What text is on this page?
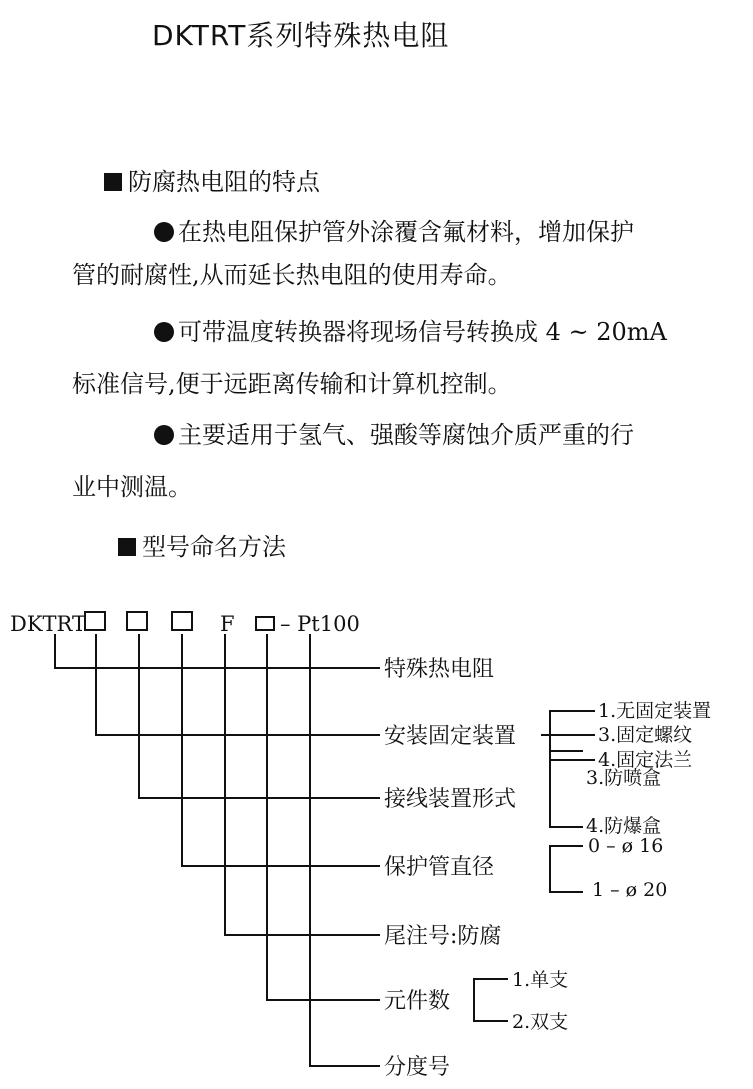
DKTRT系列特殊热电阻
防腐热电阻的特点
在热电阻保护管外涂覆含氟材料，增加保护
管的耐腐性,从而延长热电阻的使用寿命。
可带温度转换器将现场信号转换成 4 ~ 20mA
标准信号,便于远距离传输和计算机控制。
主要适用于氢气、强酸等腐蚀介质严重的行
业中测温。
型号命名方法
DKTRT	F – Pt100
特殊热电阻
安装固定装置
接线装置形式
保护管直径
尾注号:防腐
元件数
分度号
1.无固定装置
3.固定螺纹
4.固定法兰
3.防喷盒
4.防爆盒
0 – ø 16
1 – ø 20
1.单支
2.双支
